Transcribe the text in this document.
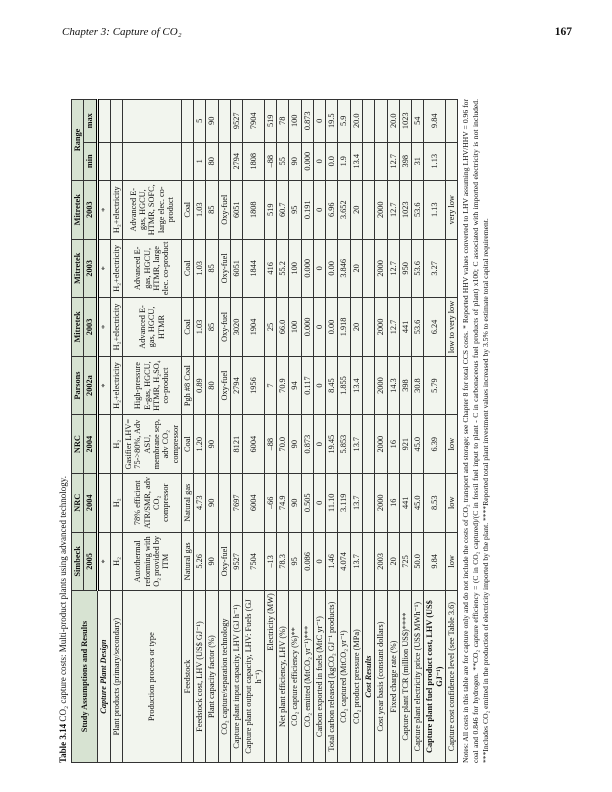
Chapter 3: Capture of CO₂	167

Table 3.14 CO₂ capture costs: Multi-product plants using advanced technology. Study Assumptions and Results	Simbeck	NRC	NRC	Parsons	Mitretek	Mitretek	Mitretek	Range	
	2005	2004	2004	2002a	2003	2003	2003	min	max
Capture Plant Design	*			*	*	*	*		
Plant products (primary/secondary)	H₂	H₂	H₂	H₂+electricity	H₂+electricity	H₂+electricity	H₂+electricity		
Production process or type	Autothermal reforming with O₂ provided by ITM	78% efficient ATR/SMR, adv CO₂ compressor	Gasifier LHV= 75->80%, Adv ASU, membrane sep, adv CO₂ compressor	High-pressure E-gas, HGCU, HTMR, H₂SO₄ co-product	Advanced E-gas, HGCU, HTMR	Advanced E-gas, HGCU, HTMR, large elec. co-product	Advanced E-gas, HGCU, HTMR, SOFC, large elec. co-product		
Feedstock	Natural gas	Natural gas	Coal	Pgh #8 Coal	Coal	Coal	Coal		
Feedstock cost, LHV (US$ GJ⁻¹)	5.26	4.73	1.20	0.89	1.03	1.03	1.03	1	5
Plant capacity factor (%)	90	90	90	80	85	85	85	80	90
CO₂ capture/separation technology	Oxy-fuel			Oxy-fuel	Oxy-fuel	Oxy-fuel	Oxy-fuel		
Capture plant input capacity, LHV (GJ h⁻¹)	9527	7697	8121	2794	3020	6051	6051	2794	9527
Capture plant output capacity, LHV: Fuels (GJ h⁻¹)	7504	6004	6004	1956	1904	1844	1808	1808	7904
Electricity (MW)	–13	–66	–88	7	25	416	519	–88	519
Net plant efficiency, LHV (%)	78.3	74.9	70.0	70.9	66.0	55.2	60.7	55	78
CO₂ capture efficiency (%)**	95	90	90	94	100	100	95	90	100
CO₂ emitted (MtCO₂ yr⁻¹)***	0.086	0.505	0.873	0.117	0.000	0.000	0.191	0.000	0.873
Carbon exported in fuels (MtC yr⁻¹)	0	0	0	0	0	0	0	0	0
Total carbon released (kgCO₂ GJ⁻¹ products)	1.46	11.10	19.45	8.45	0.00	0.00	6.96	0.0	19.5
CO₂ captured (MtCO₂ yr⁻¹)	4.074	3.119	5.853	1.855	1.918	3.846	3.652	1.9	5.9
CO₂ product pressure (MPa)	13.7	13.7	13.7	13.4	20	20	20	13.4	20.0
Cost Results									
Cost year basis (constant dollars)	2003	2000	2000	2000	2000	2000	2000		
Fixed charge rate (%)	20	16	16	14.3	12.7	12.7	12.7	12.7	20.0
Capture plant TCR (million US$)****	725	441	921	398	441	950	1023	398	1023
Capture plant electricity price (US$ MWh⁻¹)	50.0	45.0	45.0	30.8	53.6	53.6	53.6	31	54
Capture plant fuel product cost, LHV (US$ GJ⁻¹)	9.84	8.53	6.39	5.79	6.24	3.27	1.13	1.13	9.84
Capture cost confidence level (see Table 3.6)	low	low	low		low to very low		very low		Notes: All costs in this table are for capture only and do not include the costs of CO₂ transport and storage; see Chapter 8 for total CCS costs. * Reported HHV values converted to LHV assuming LHV/HHV = 0.96 for coal and 0.846 for hydrogen. **CO₂ capture efficiency = (C in CO₂ captured)/(C in fossil fuel input to plant - C in carbonaceous fuel products of plant) x100; C associated with imported electricity is not included. ***Includes CO₂ emitted in the production of electricity imported by the plant. ****Reported total plant investment values increased by 3.5% to estimate total capital requirement.
